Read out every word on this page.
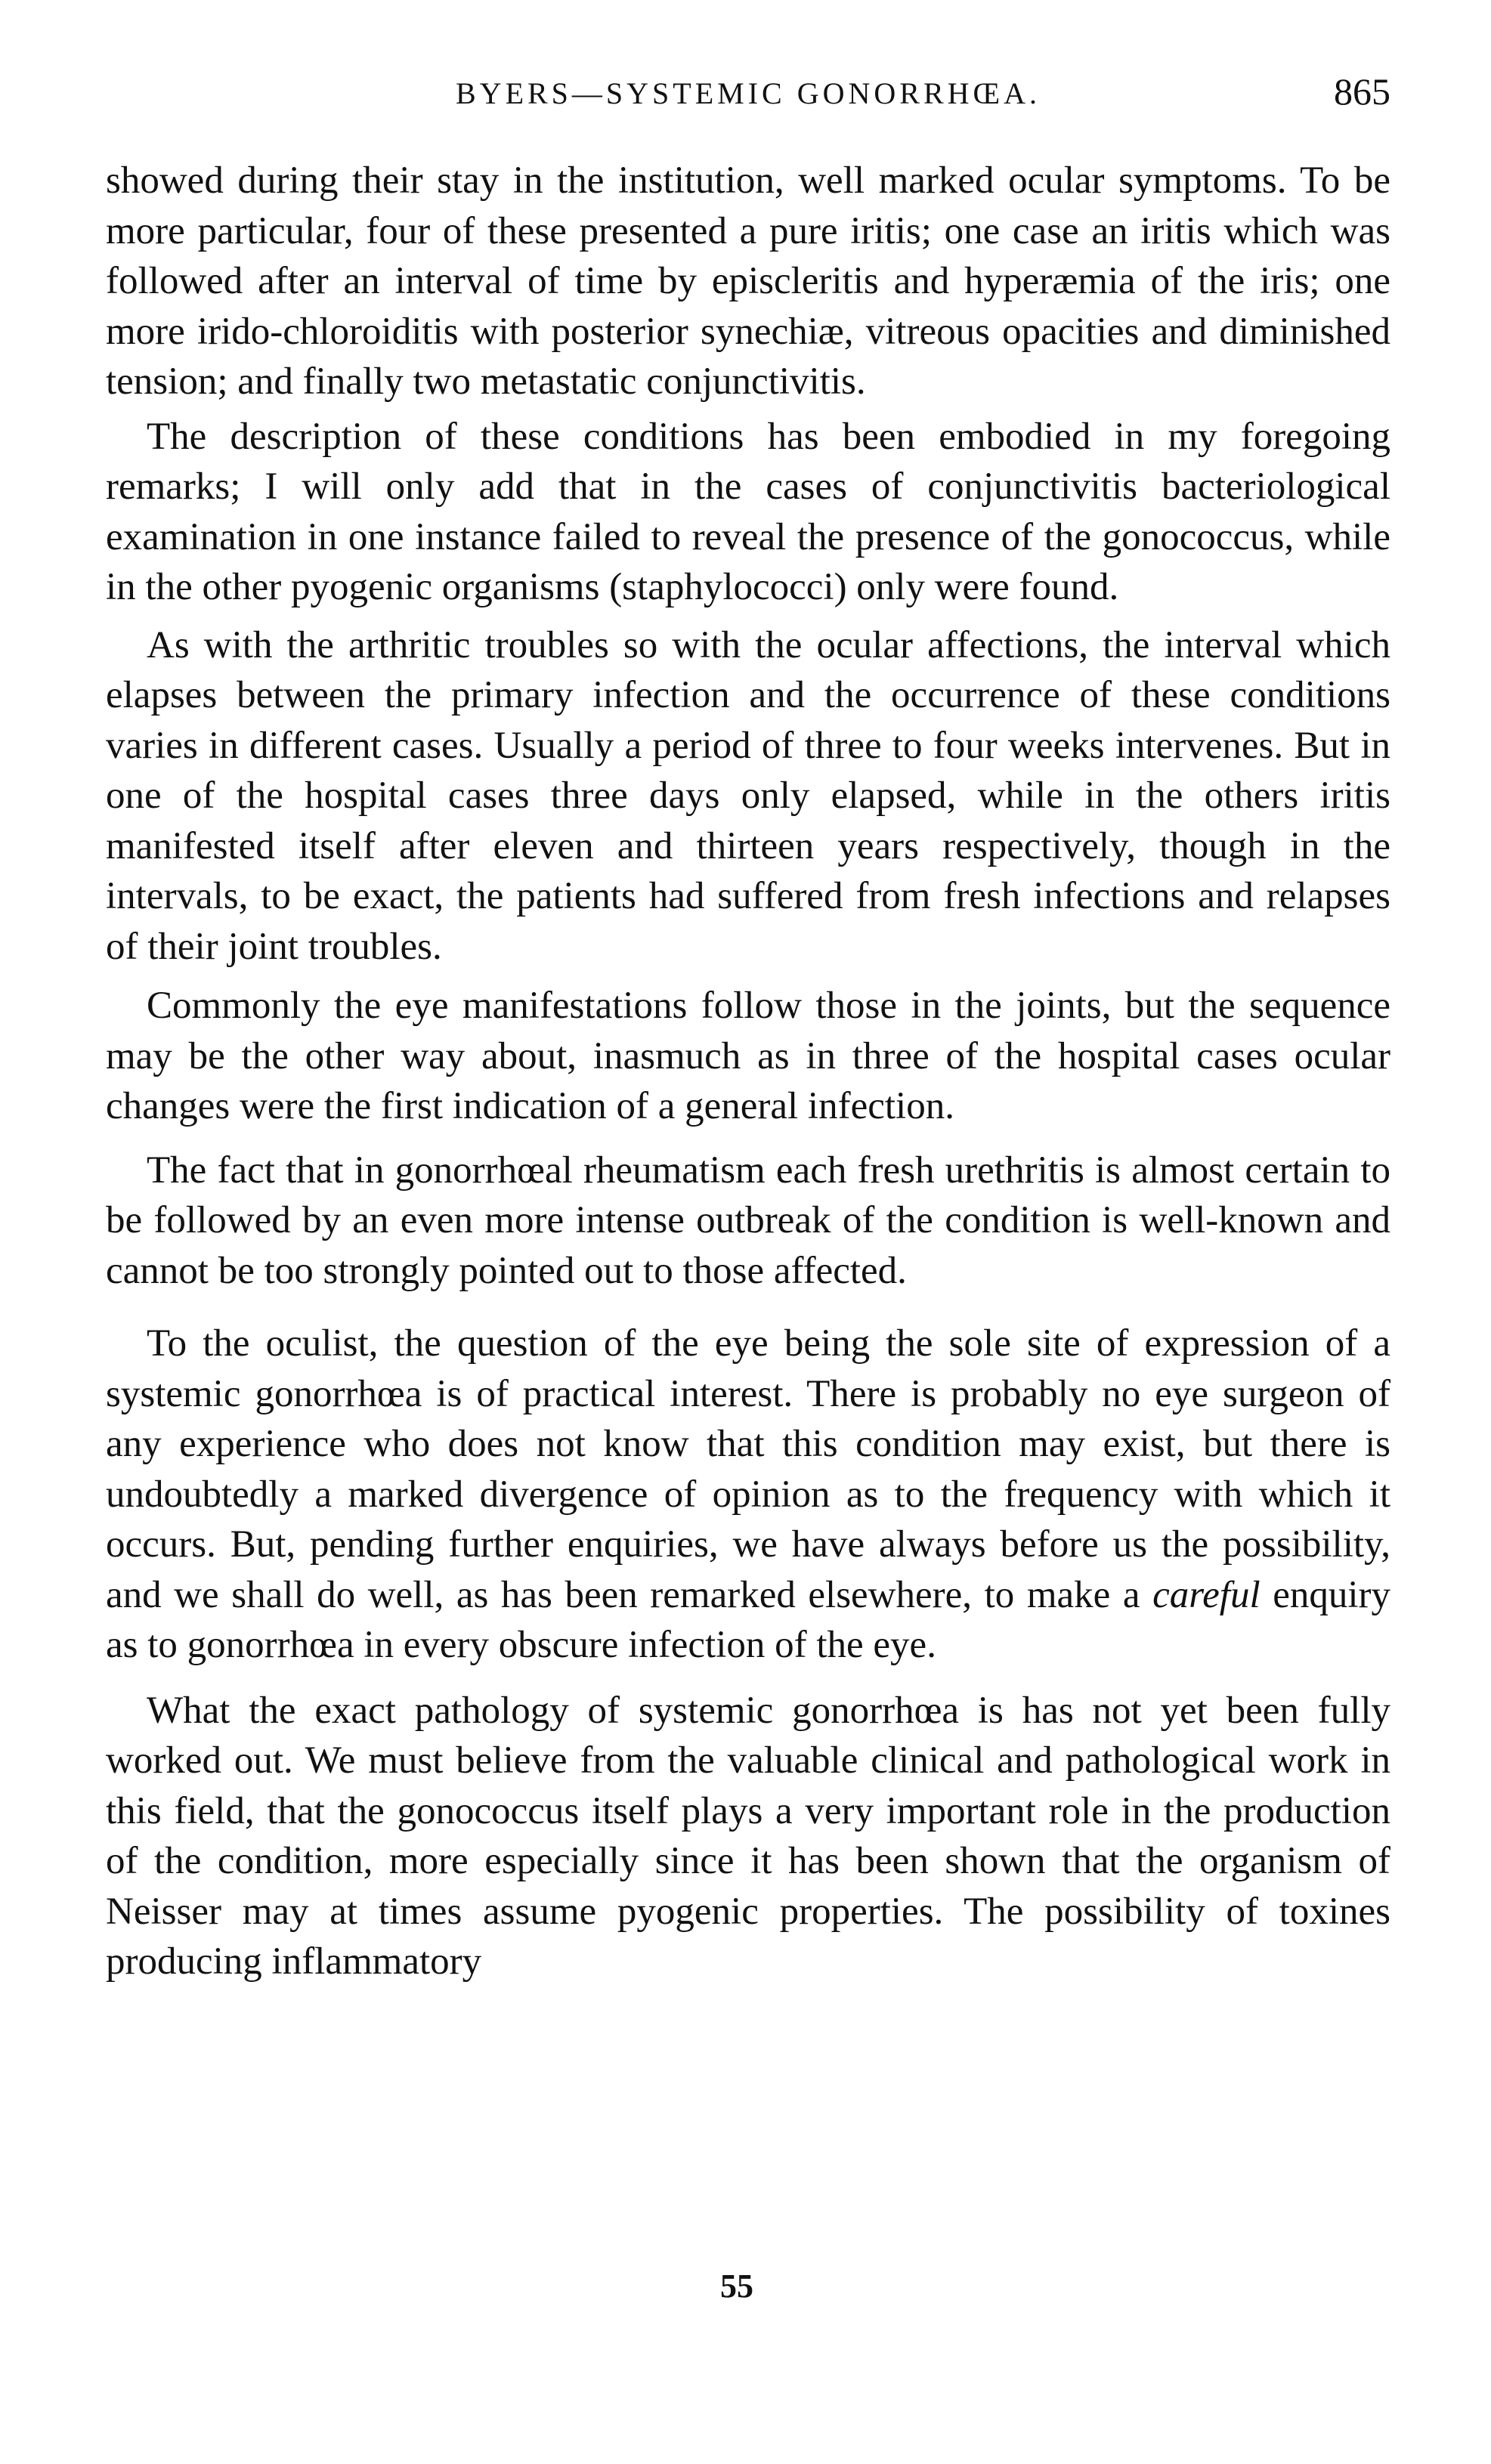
BYERS—SYSTEMIC GONORRHŒA.	865

showed during their stay in the institution, well marked ocular symptoms. To be more particular, four of these presented a pure iritis; one case an iritis which was followed after an interval of time by episcleritis and hyperæmia of the iris; one more irido-chloroiditis with posterior synechiæ, vitreous opacities and diminished tension; and finally two metastatic conjunctivitis.

The description of these conditions has been embodied in my foregoing remarks; I will only add that in the cases of conjunctivitis bacteriological examination in one instance failed to reveal the presence of the gonococcus, while in the other pyogenic organisms (staphylococci) only were found.

As with the arthritic troubles so with the ocular affections, the interval which elapses between the primary infection and the occurrence of these conditions varies in different cases. Usually a period of three to four weeks intervenes. But in one of the hospital cases three days only elapsed, while in the others iritis manifested itself after eleven and thirteen years respectively, though in the intervals, to be exact, the patients had suffered from fresh infections and relapses of their joint troubles.

Commonly the eye manifestations follow those in the joints, but the sequence may be the other way about, inasmuch as in three of the hospital cases ocular changes were the first indication of a general infection.

The fact that in gonorrhœal rheumatism each fresh urethritis is almost certain to be followed by an even more intense outbreak of the condition is well-known and cannot be too strongly pointed out to those affected.

To the oculist, the question of the eye being the sole site of expression of a systemic gonorrhœa is of practical interest. There is probably no eye surgeon of any experience who does not know that this condition may exist, but there is undoubtedly a marked divergence of opinion as to the frequency with which it occurs. But, pending further enquiries, we have always before us the possibility, and we shall do well, as has been remarked elsewhere, to make a careful enquiry as to gonorrhœa in every obscure infection of the eye.

What the exact pathology of systemic gonorrhœa is has not yet been fully worked out. We must believe from the valuable clinical and pathological work in this field, that the gonococcus itself plays a very important role in the production of the condition, more especially since it has been shown that the organism of Neisser may at times assume pyogenic properties. The possibility of toxines producing inflammatory

55
